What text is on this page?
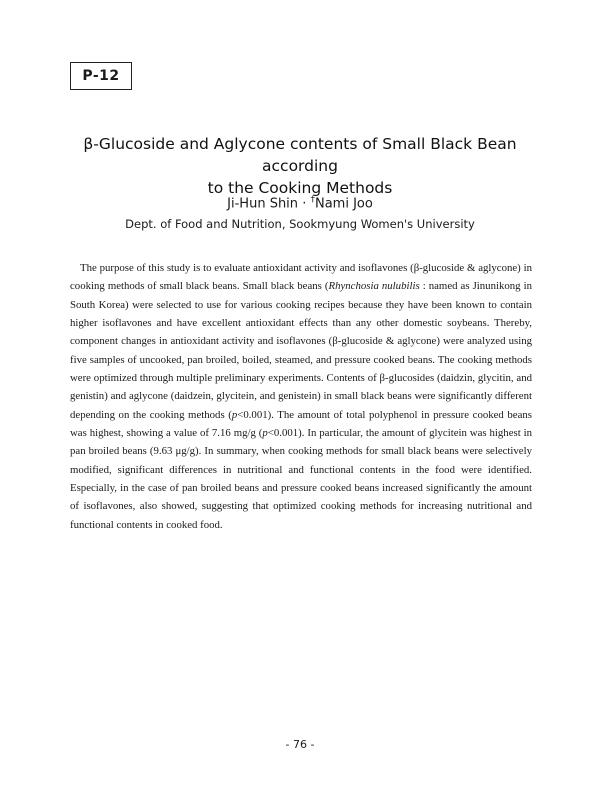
P-12
β-Glucoside and Aglycone contents of Small Black Bean according
to the Cooking Methods
Ji-Hun Shin · †Nami Joo
Dept. of Food and Nutrition, Sookmyung Women's University

The purpose of this study is to evaluate antioxidant activity and isoflavones (β-glucoside & aglycone) in cooking methods of small black beans. Small black beans (Rhynchosia nulubilis : named as Jinunikong in South Korea) were selected to use for various cooking recipes because they have been known to contain higher isoflavones and have excellent antioxidant effects than any other domestic soybeans. Thereby, component changes in antioxidant activity and isoflavones (β-glucoside & aglycone) were analyzed using five samples of uncooked, pan broiled, boiled, steamed, and pressure cooked beans. The cooking methods were optimized through multiple preliminary experiments. Contents of β-glucosides (daidzin, glycitin, and genistin) and aglycone (daidzein, glycitein, and genistein) in small black beans were significantly different depending on the cooking methods (p<0.001). The amount of total polyphenol in pressure cooked beans was highest, showing a value of 7.16 mg/g (p<0.001). In particular, the amount of glycitein was highest in pan broiled beans (9.63 μg/g). In summary, when cooking methods for small black beans were selectively modified, significant differences in nutritional and functional contents in the food were identified. Especially, in the case of pan broiled beans and pressure cooked beans increased significantly the amount of isoflavones, also showed, suggesting that optimized cooking methods for increasing nutritional and functional contents in cooked food.

- 76 -
